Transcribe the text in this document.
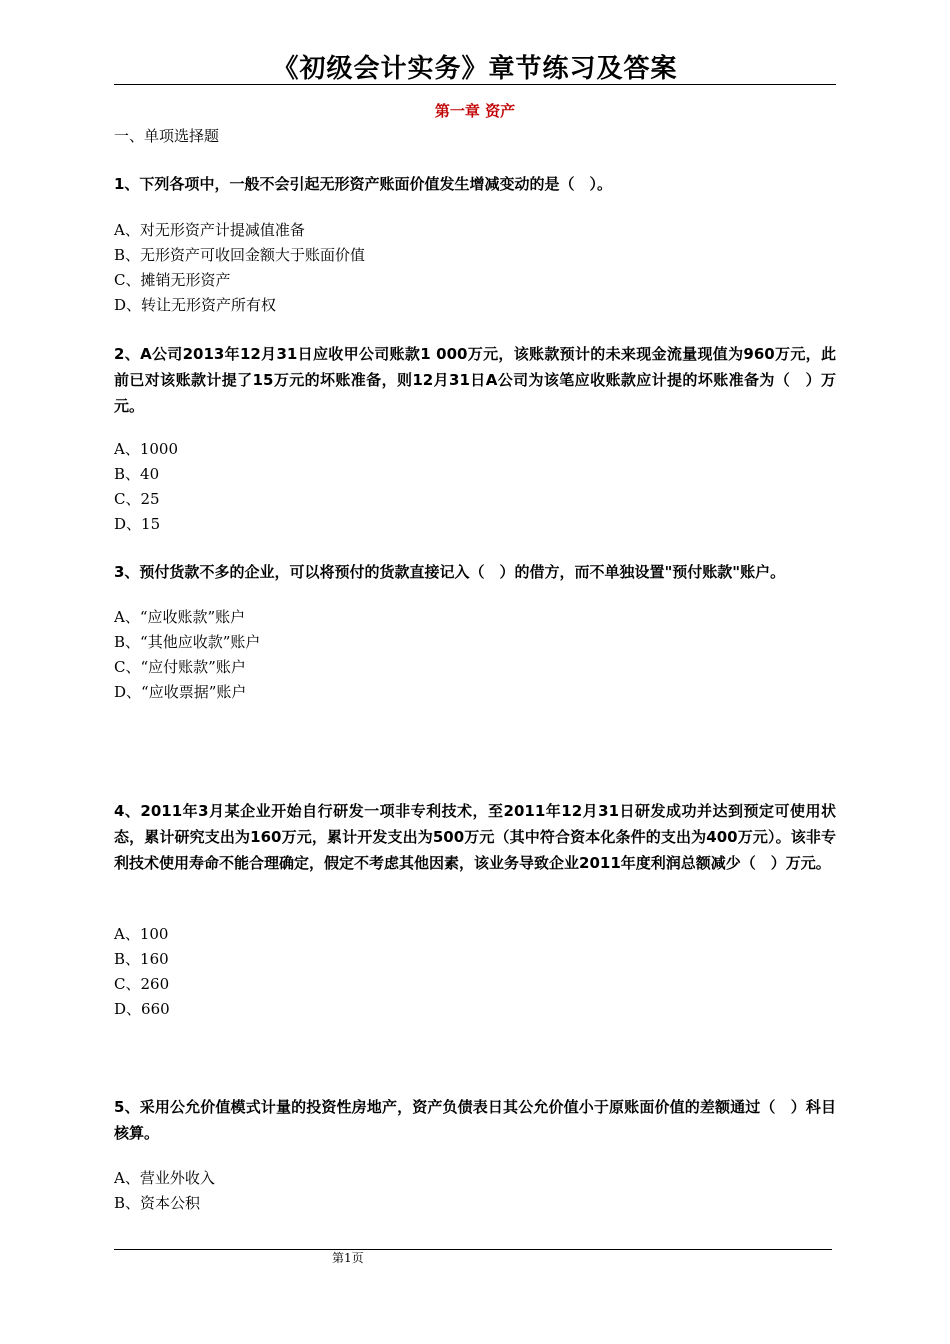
《初级会计实务》章节练习及答案
第一章 资产
一、单项选择题
1、下列各项中，一般不会引起无形资产账面价值发生增减变动的是（　）。
A、对无形资产计提减值准备
B、无形资产可收回金额大于账面价值
C、摊销无形资产
D、转让无形资产所有权
2、A公司2013年12月31日应收甲公司账款1 000万元，该账款预计的未来现金流量现值为960万元，此前已对该账款计提了15万元的坏账准备，则12月31日A公司为该笔应收账款应计提的坏账准备为（　）万元。
A、1000
B、40
C、25
D、15
3、预付货款不多的企业，可以将预付的货款直接记入（　）的借方，而不单独设置"预付账款"账户。
A、“应收账款”账户
B、“其他应收款”账户
C、“应付账款”账户
D、“应收票据”账户
4、2011年3月某企业开始自行研发一项非专利技术，至2011年12月31日研发成功并达到预定可使用状态，累计研究支出为160万元，累计开发支出为500万元（其中符合资本化条件的支出为400万元）。该非专利技术使用寿命不能合理确定，假定不考虑其他因素，该业务导致企业2011年度利润总额减少（　）万元。
A、100
B、160
C、260
D、660
5、采用公允价值模式计量的投资性房地产，资产负债表日其公允价值小于原账面价值的差额通过（　）科目核算。
A、营业外收入
B、资本公积
第1页
